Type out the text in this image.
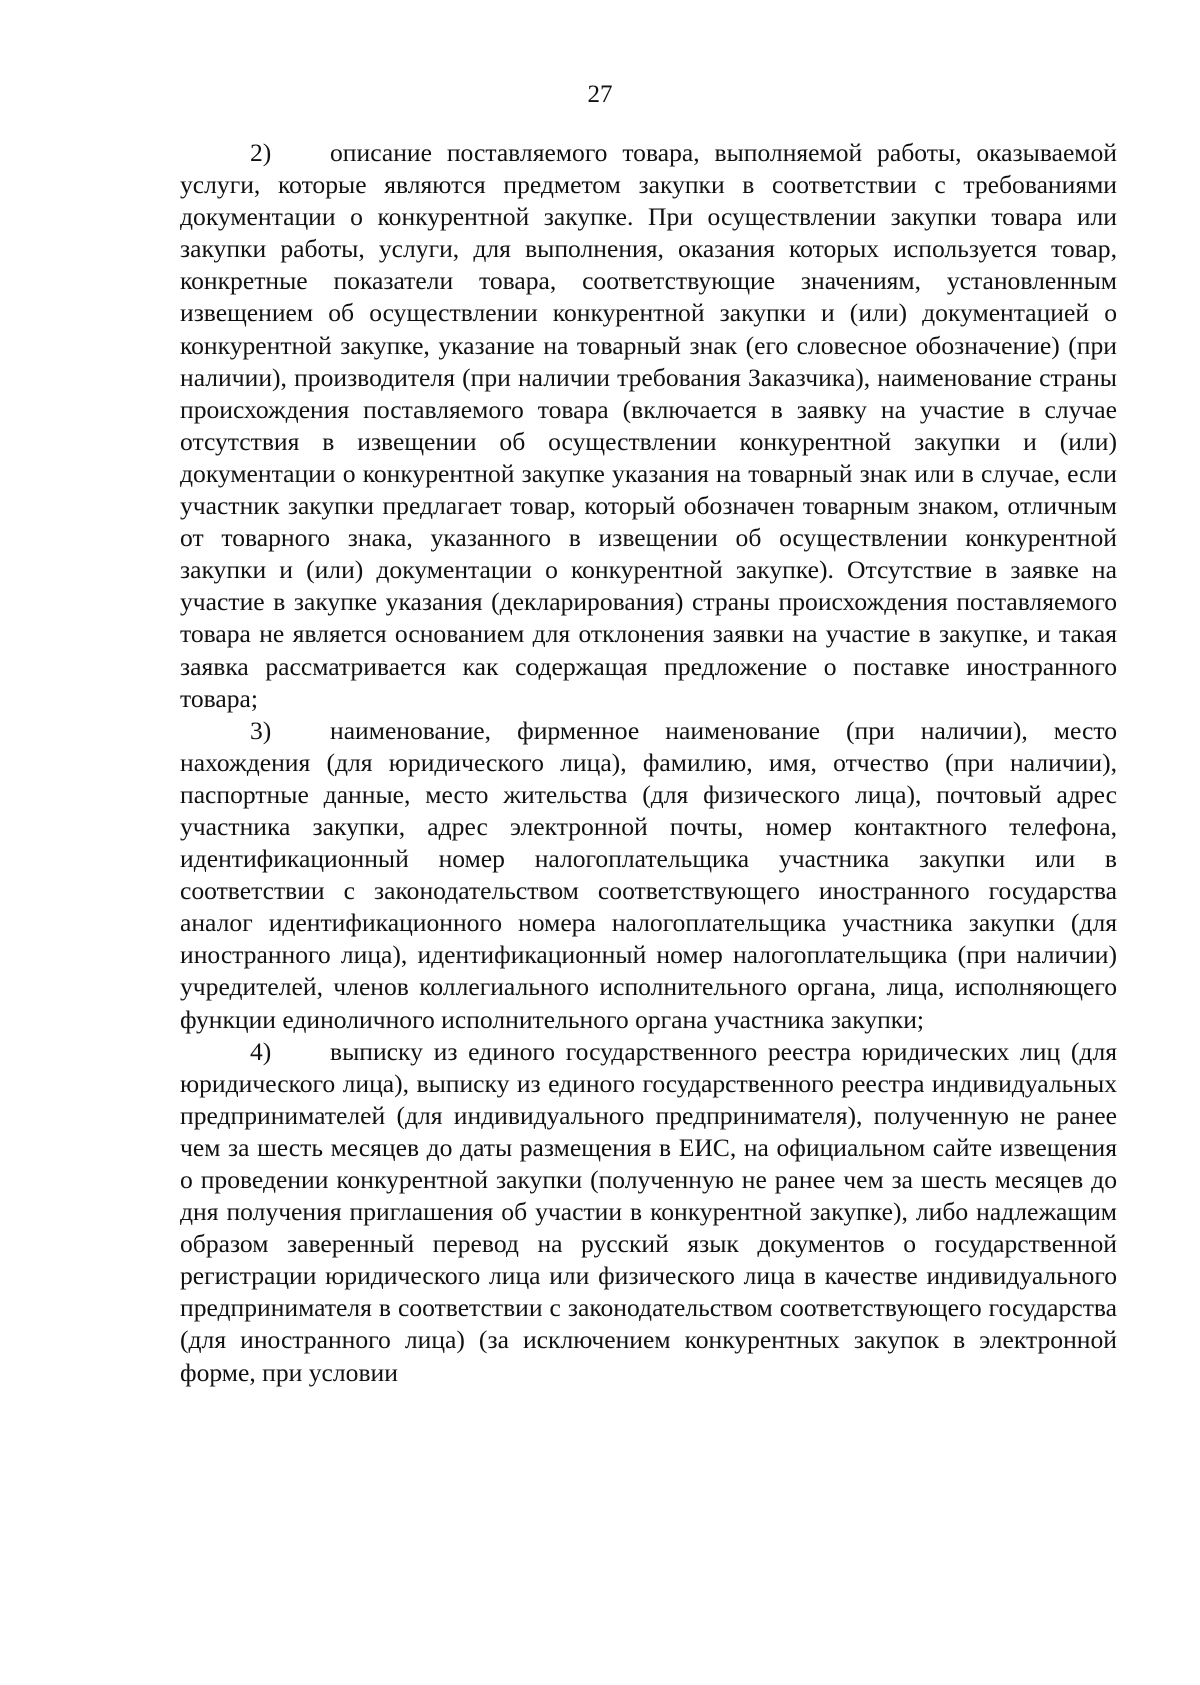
27

2) описание поставляемого товара, выполняемой работы, оказываемой услуги, которые являются предметом закупки в соответствии с требованиями документации о конкурентной закупке. При осуществлении закупки товара или закупки работы, услуги, для выполнения, оказания которых используется товар, конкретные показатели товара, соответствующие значениям, установленным извещением об осуществлении конкурентной закупки и (или) документацией о конкурентной закупке, указание на товарный знак (его словесное обозначение) (при наличии), производителя (при наличии требования Заказчика), наименование страны происхождения поставляемого товара (включается в заявку на участие в случае отсутствия в извещении об осуществлении конкурентной закупки и (или) документации о конкурентной закупке указания на товарный знак или в случае, если участник закупки предлагает товар, который обозначен товарным знаком, отличным от товарного знака, указанного в извещении об осуществлении конкурентной закупки и (или) документации о конкурентной закупке). Отсутствие в заявке на участие в закупке указания (декларирования) страны происхождения поставляемого товара не является основанием для отклонения заявки на участие в закупке, и такая заявка рассматривается как содержащая предложение о поставке иностранного товара;

3) наименование, фирменное наименование (при наличии), место нахождения (для юридического лица), фамилию, имя, отчество (при наличии), паспортные данные, место жительства (для физического лица), почтовый адрес участника закупки, адрес электронной почты, номер контактного телефона, идентификационный номер налогоплательщика участника закупки или в соответствии с законодательством соответствующего иностранного государства аналог идентификационного номера налогоплательщика участника закупки (для иностранного лица), идентификационный номер налогоплательщика (при наличии) учредителей, членов коллегиального исполнительного органа, лица, исполняющего функции единоличного исполнительного органа участника закупки;

4) выписку из единого государственного реестра юридических лиц (для юридического лица), выписку из единого государственного реестра индивидуальных предпринимателей (для индивидуального предпринимателя), полученную не ранее чем за шесть месяцев до даты размещения в ЕИС, на официальном сайте извещения о проведении конкурентной закупки (полученную не ранее чем за шесть месяцев до дня получения приглашения об участии в конкурентной закупке), либо надлежащим образом заверенный перевод на русский язык документов о государственной регистрации юридического лица или физического лица в качестве индивидуального предпринимателя в соответствии с законодательством соответствующего государства (для иностранного лица) (за исключением конкурентных закупок в электронной форме, при условии
